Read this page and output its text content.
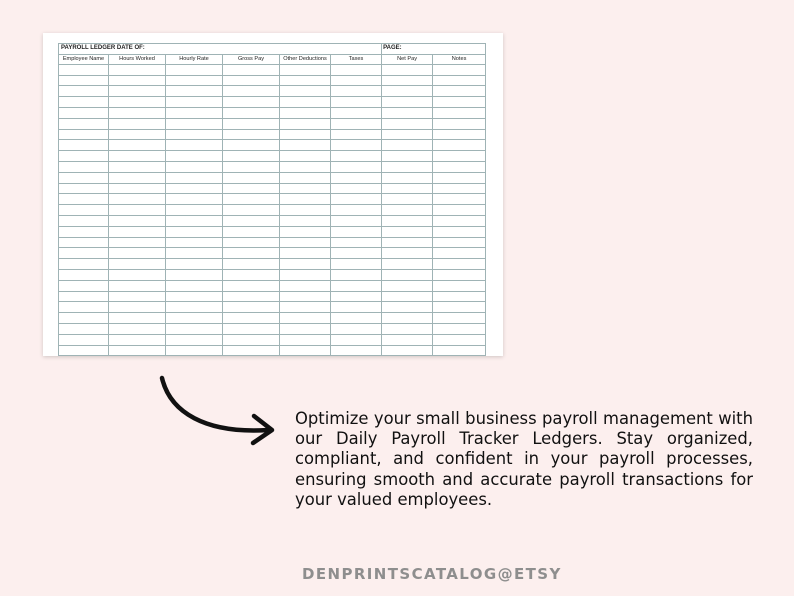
PAYROLL LEDGER DATE OF:						PAGE:	
Employee Name	Hours Worked	Hourly Rate	Gross Pay	Other Deductions	Taxes	Net Pay	Notes

Optimize your small business payroll management with our Daily Payroll Tracker Ledgers. Stay organized, compliant, and confident in your payroll processes, ensuring smooth and accurate payroll transactions for your valued employees.

DENPRINTSCATALOG@ETSY
